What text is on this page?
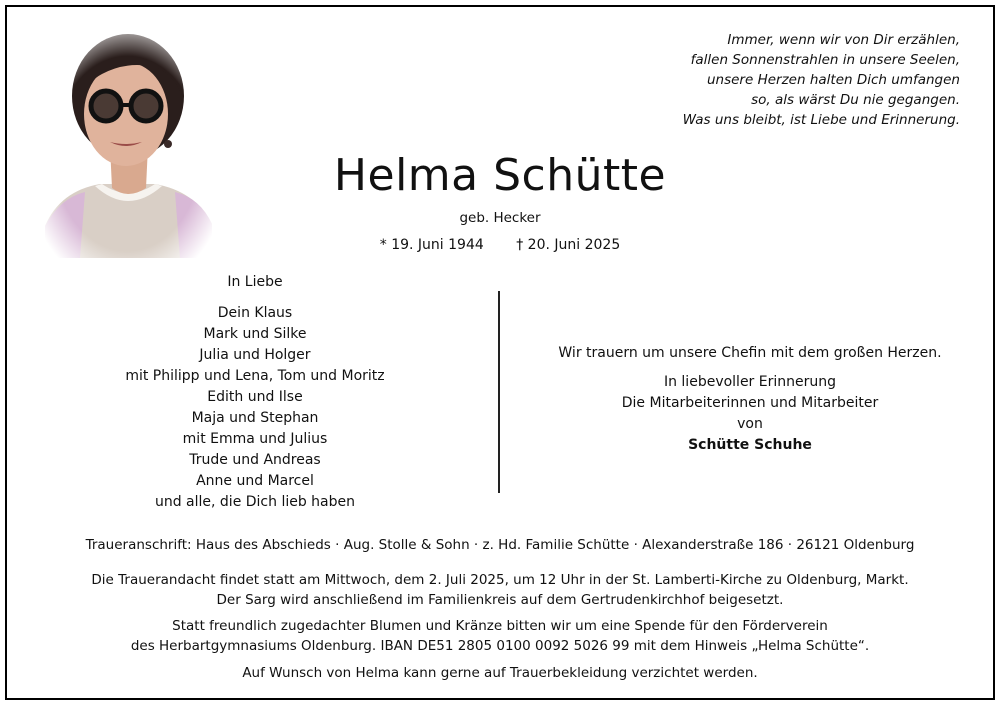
Immer, wenn wir von Dir erzählen,
fallen Sonnenstrahlen in unsere Seelen,
unsere Herzen halten Dich umfangen
so, als wärst Du nie gegangen.
Was uns bleibt, ist Liebe und Erinnerung.
Helma Schütte
geb. Hecker
* 19. Juni 1944 † 20. Juni 2025
In Liebe
Dein Klaus
Mark und Silke
Julia und Holger
mit Philipp und Lena, Tom und Moritz
Edith und Ilse
Maja und Stephan
mit Emma und Julius
Trude und Andreas
Anne und Marcel
und alle, die Dich lieb haben
Wir trauern um unsere Chefin mit dem großen Herzen.
In liebevoller Erinnerung
Die Mitarbeiterinnen und Mitarbeiter
von
Schütte Schuhe
Traueranschrift: Haus des Abschieds · Aug. Stolle & Sohn · z. Hd. Familie Schütte · Alexanderstraße 186 · 26121 Oldenburg
Die Trauerandacht findet statt am Mittwoch, dem 2. Juli 2025, um 12 Uhr in der St. Lamberti-Kirche zu Oldenburg, Markt.
Der Sarg wird anschließend im Familienkreis auf dem Gertrudenkirchhof beigesetzt.
Statt freundlich zugedachter Blumen und Kränze bitten wir um eine Spende für den Förderverein
des Herbartgymnasiums Oldenburg. IBAN DE51 2805 0100 0092 5026 99 mit dem Hinweis „Helma Schütte“.
Auf Wunsch von Helma kann gerne auf Trauerbekleidung verzichtet werden.
